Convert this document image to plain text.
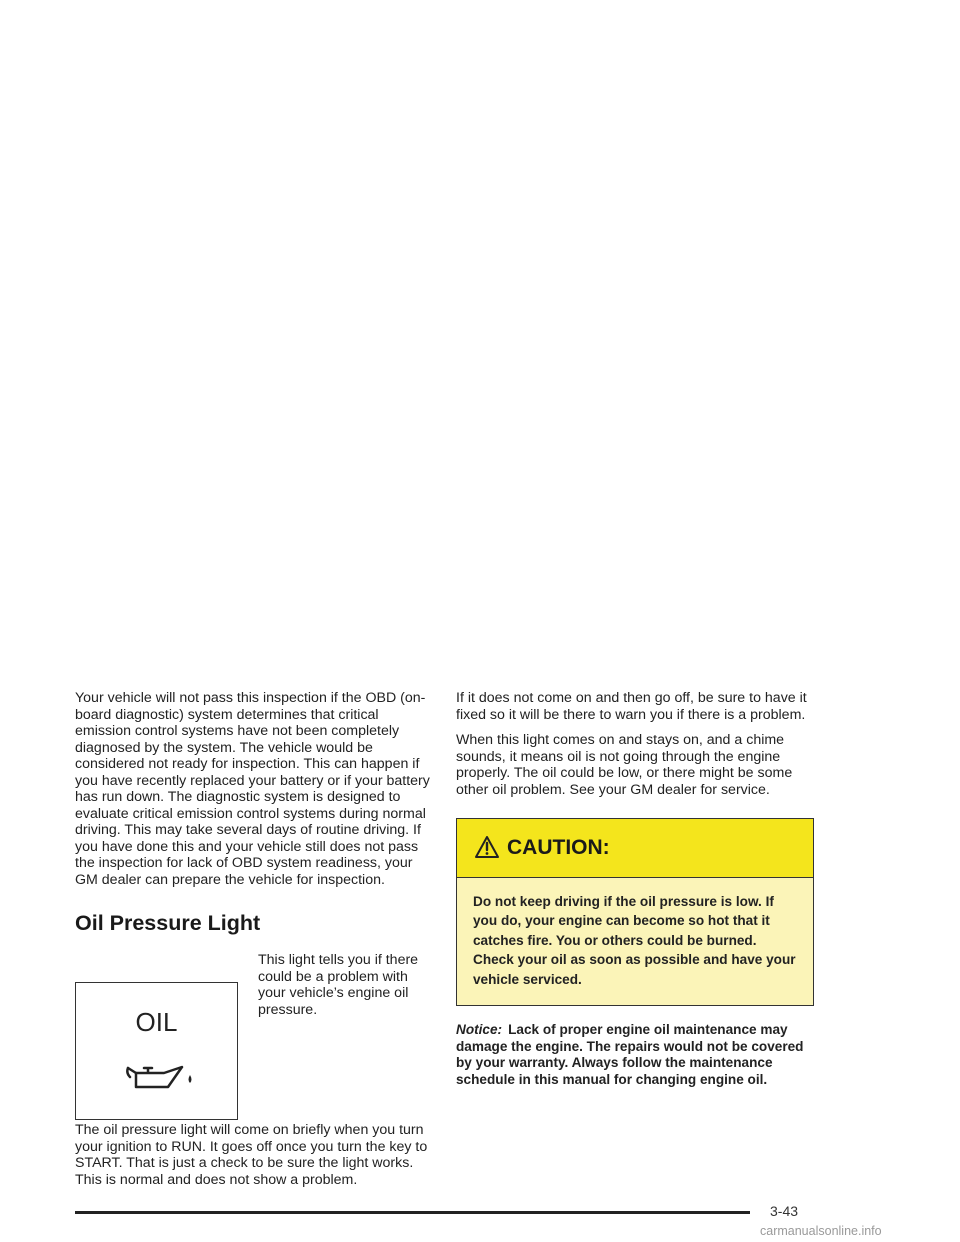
Your vehicle will not pass this inspection if the OBD (on-board diagnostic) system determines that critical emission control systems have not been completely diagnosed by the system. The vehicle would be considered not ready for inspection. This can happen if you have recently replaced your battery or if your battery has run down. The diagnostic system is designed to evaluate critical emission control systems during normal driving. This may take several days of routine driving. If you have done this and your vehicle still does not pass the inspection for lack of OBD system readiness, your GM dealer can prepare the vehicle for inspection.

Oil Pressure Light
OIL

This light tells you if there could be a problem with your vehicle’s engine oil pressure.

The oil pressure light will come on briefly when you turn your ignition to RUN. It goes off once you turn the key to START. That is just a check to be sure the light works. This is normal and does not show a problem.

If it does not come on and then go off, be sure to have it fixed so it will be there to warn you if there is a problem.

When this light comes on and stays on, and a chime sounds, it means oil is not going through the engine properly. The oil could be low, or there might be some other oil problem. See your GM dealer for service.

CAUTION:

Do not keep driving if the oil pressure is low. If you do, your engine can become so hot that it catches fire. You or others could be burned. Check your oil as soon as possible and have your vehicle serviced.

Notice: Lack of proper engine oil maintenance may damage the engine. The repairs would not be covered by your warranty. Always follow the maintenance schedule in this manual for changing engine oil.
3-43
carmanualsonline.info
